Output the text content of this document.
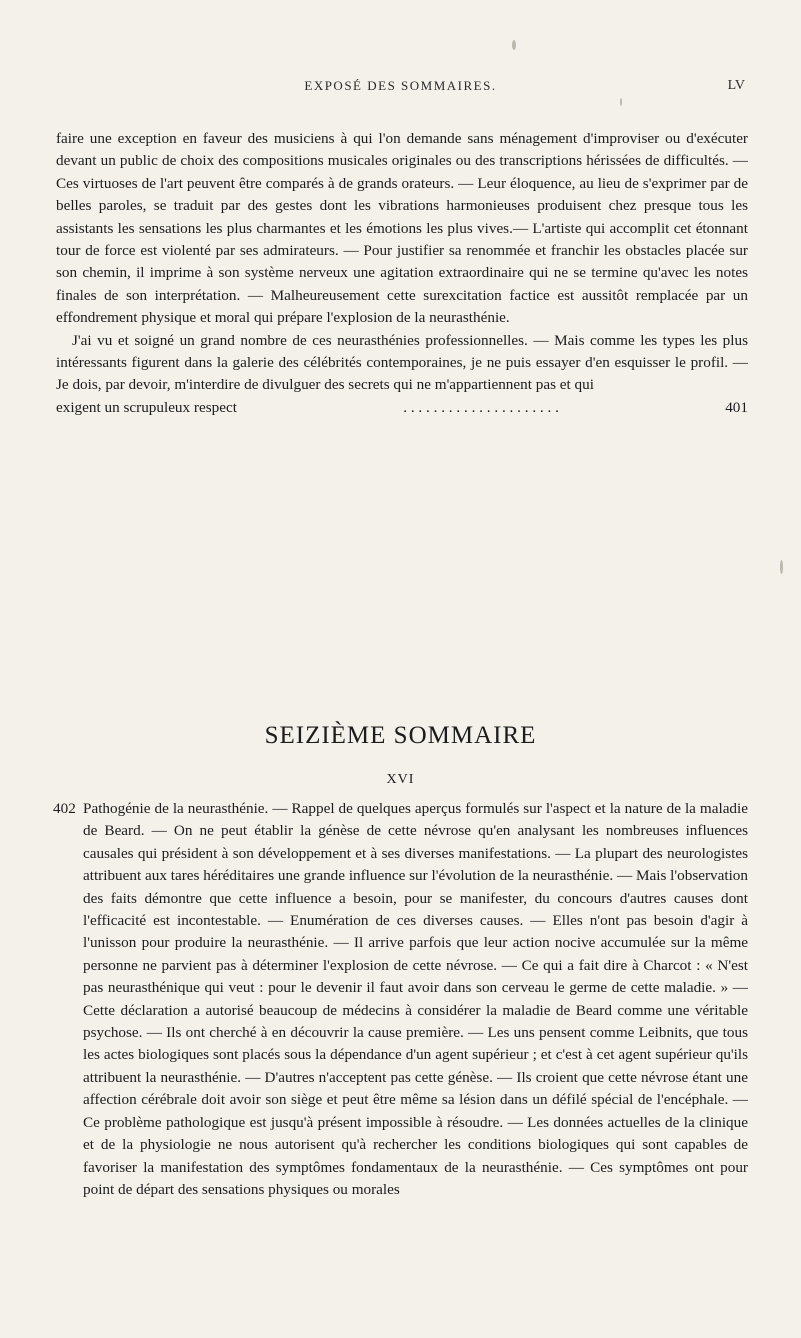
EXPOSÉ DES SOMMAIRES.	LV

faire une exception en faveur des musiciens à qui l'on demande sans ménagement d'improviser ou d'exécuter devant un public de choix des compositions musicales originales ou des transcriptions hérissées de difficultés. — Ces virtuoses de l'art peuvent être comparés à de grands orateurs. — Leur éloquence, au lieu de s'exprimer par de belles paroles, se traduit par des gestes dont les vibrations harmonieuses produisent chez presque tous les assistants les sensations les plus charmantes et les émotions les plus vives.— L'artiste qui accomplit cet étonnant tour de force est violenté par ses admirateurs. — Pour justifier sa renommée et franchir les obstacles placée sur son chemin, il imprime à son système nerveux une agitation extraordinaire qui ne se termine qu'avec les notes finales de son interprétation. — Malheureusement cette surexcitation factice est aussitôt remplacée par un effondrement physique et moral qui prépare l'explosion de la neurasthénie.

J'ai vu et soigné un grand nombre de ces neurasthénies professionnelles. — Mais comme les types les plus intéressants figurent dans la galerie des célébrités contemporaines, je ne puis essayer d'en esquisser le profil. — Je dois, par devoir, m'interdire de divulguer des secrets qui ne m'appartiennent pas et qui

exigent un scrupuleux respect	. . . . . . . . . . . . . . . . . . . . .	401
SEIZIÈME SOMMAIRE
XVI
402 Pathogénie de la neurasthénie. — Rappel de quelques aperçus formulés sur l'aspect et la nature de la maladie de Beard. — On ne peut établir la génèse de cette névrose qu'en analysant les nombreuses influences causales qui président à son développement et à ses diverses manifestations. — La plupart des neurologistes attribuent aux tares héréditaires une grande influence sur l'évolution de la neurasthénie. — Mais l'observation des faits démontre que cette influence a besoin, pour se manifester, du concours d'autres causes dont l'efficacité est incontestable. — Enumération de ces diverses causes. — Elles n'ont pas besoin d'agir à l'unisson pour produire la neurasthénie. — Il arrive parfois que leur action nocive accumulée sur la même personne ne parvient pas à déterminer l'explosion de cette névrose. — Ce qui a fait dire à Charcot : « N'est pas neurasthénique qui veut : pour le devenir il faut avoir dans son cerveau le germe de cette maladie. » — Cette déclaration a autorisé beaucoup de médecins à considérer la maladie de Beard comme une véritable psychose. — Ils ont cherché à en découvrir la cause première. — Les uns pensent comme Leibnits, que tous les actes biologiques sont placés sous la dépendance d'un agent supérieur ; et c'est à cet agent supérieur qu'ils attribuent la neurasthénie. — D'autres n'acceptent pas cette génèse. — Ils croient que cette névrose étant une affection cérébrale doit avoir son siège et peut être même sa lésion dans un défilé spécial de l'encéphale. — Ce problème pathologique est jusqu'à présent impossible à résoudre. — Les données actuelles de la clinique et de la physiologie ne nous autorisent qu'à rechercher les conditions biologiques qui sont capables de favoriser la manifestation des symptômes fondamentaux de la neurasthénie. — Ces symptômes ont pour point de départ des sensations physiques ou morales
